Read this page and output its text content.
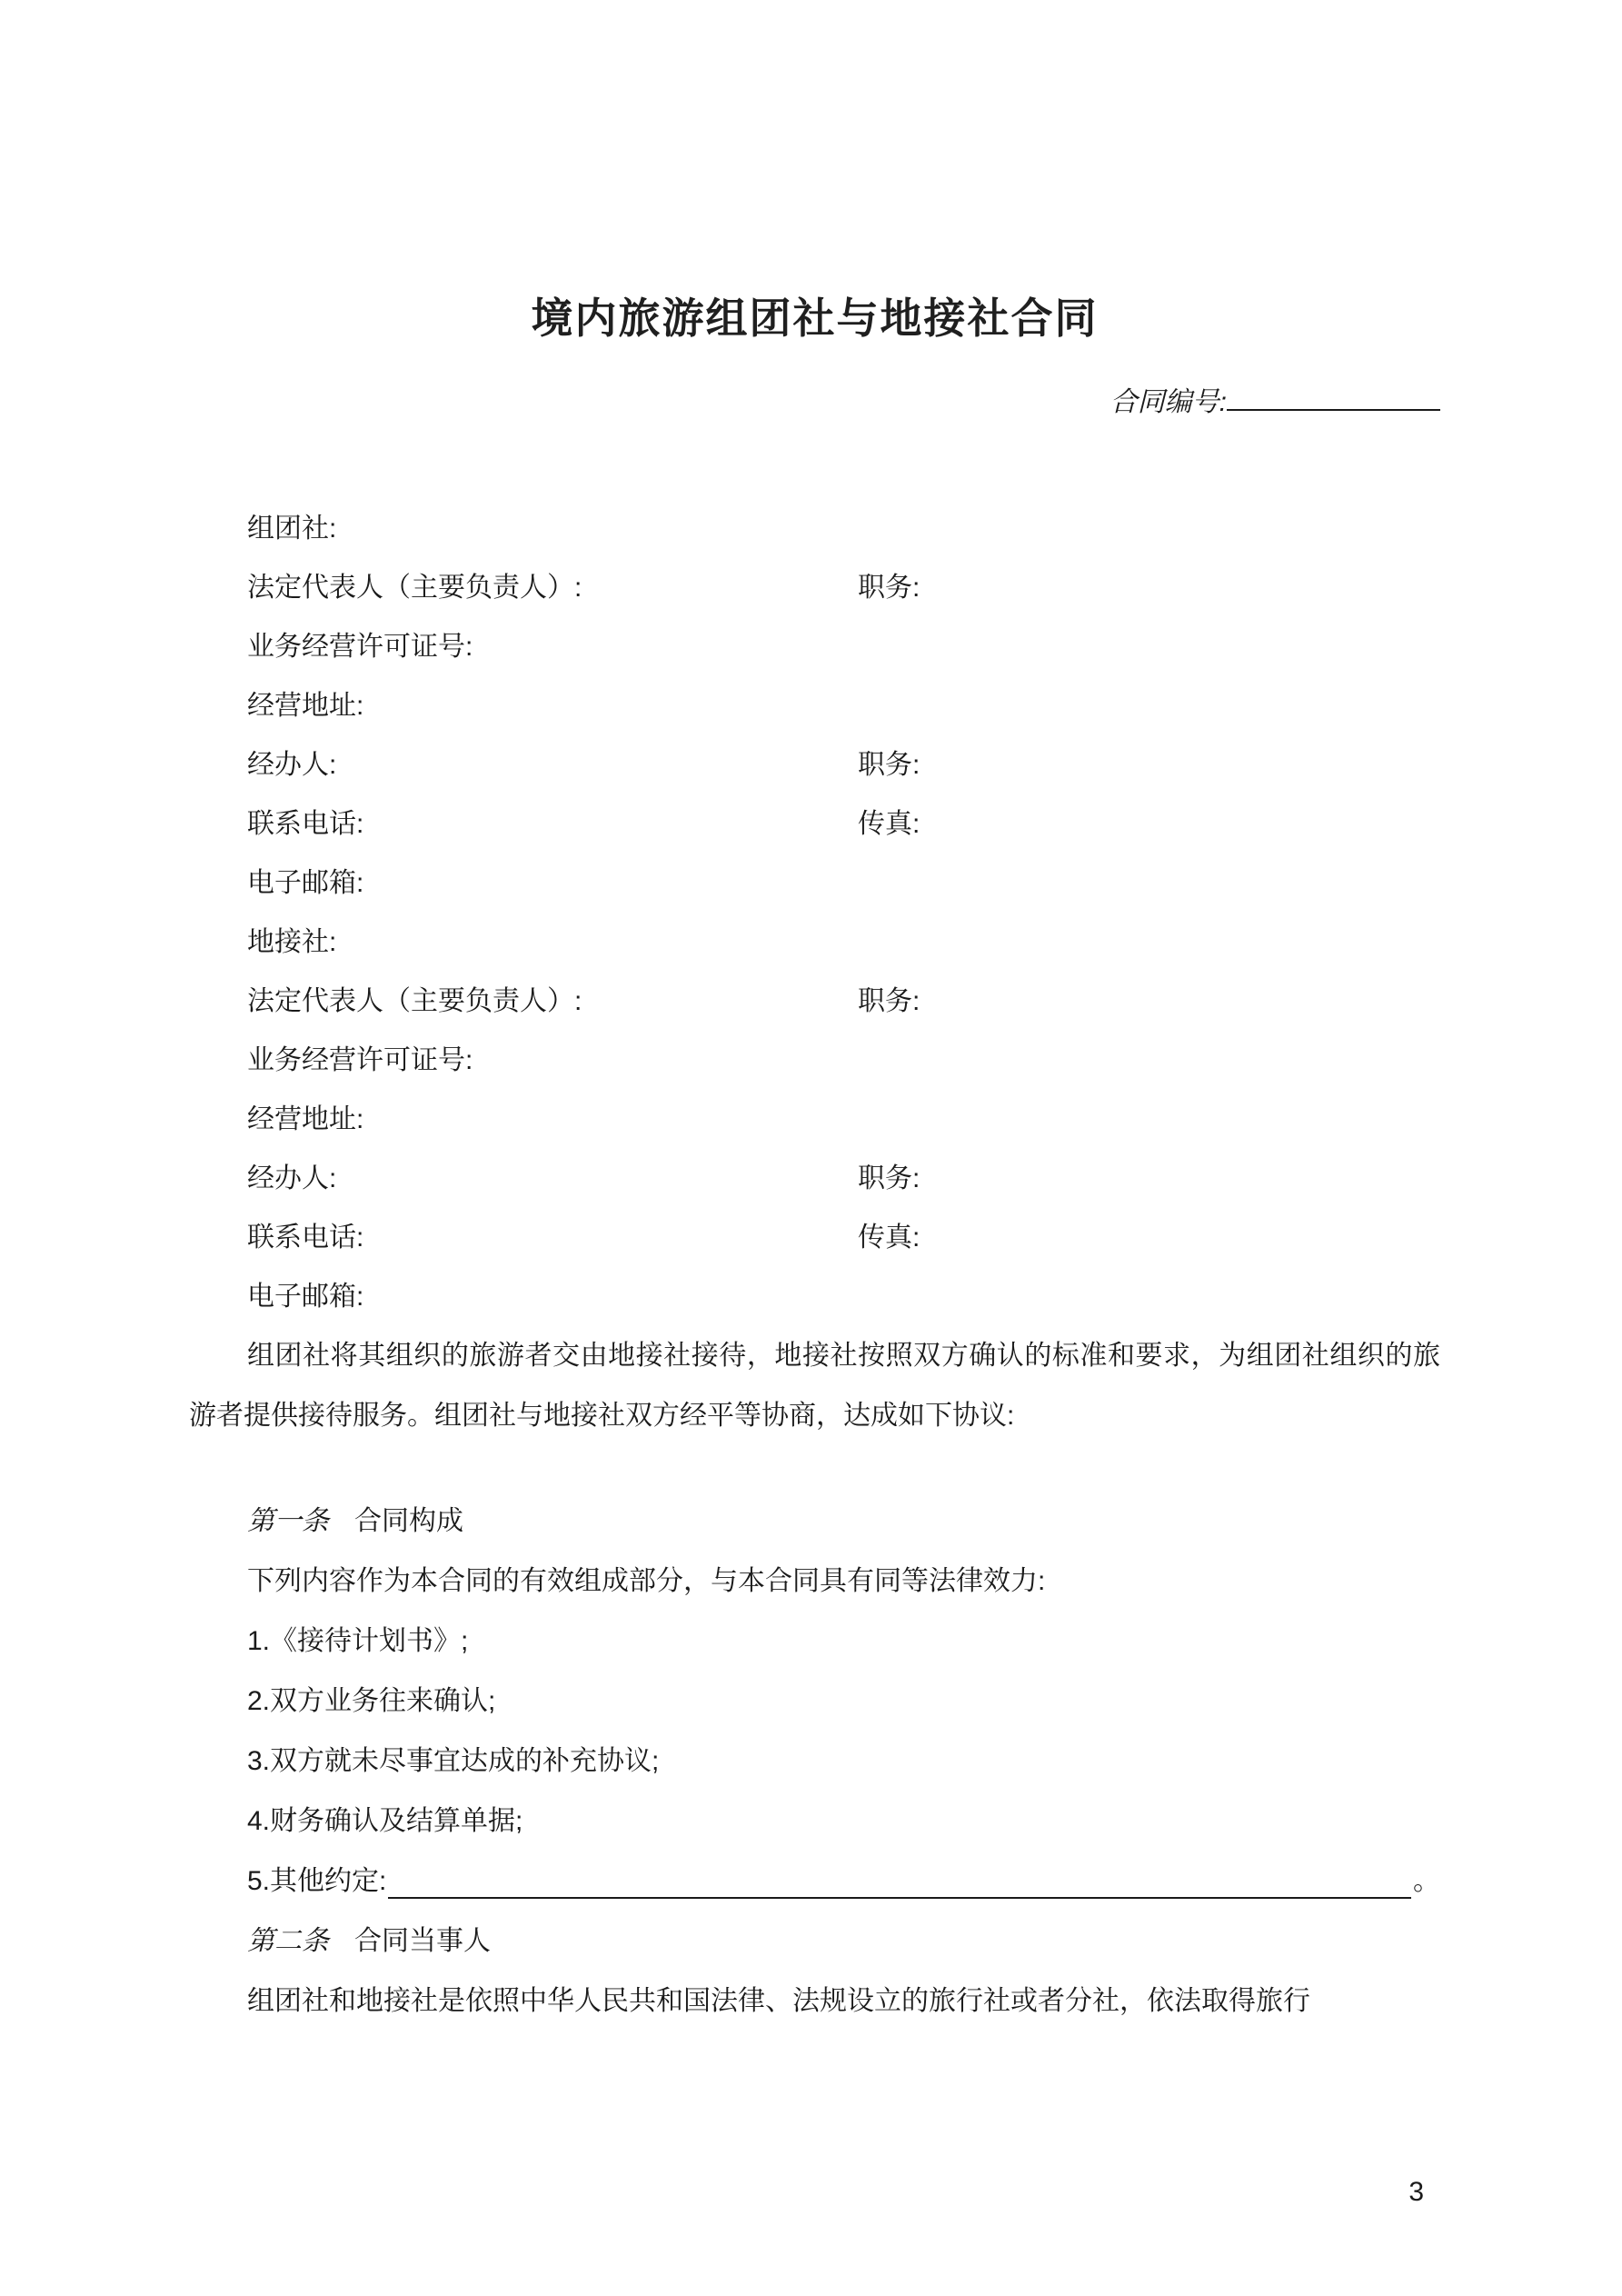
境内旅游组团社与地接社合同
合同编号:
组团社:
法定代表人（主要负责人）:	职务:
业务经营许可证号:
经营地址:
经办人:	职务:
联系电话:	传真:
电子邮箱:
地接社:
法定代表人（主要负责人）:	职务:
业务经营许可证号:
经营地址:
经办人:	职务:
联系电话:	传真:
电子邮箱:

组团社将其组织的旅游者交由地接社接待，地接社按照双方确认的标准和要求，为组团社组织的旅游者提供接待服务。组团社与地接社双方经平等协商，达成如下协议:

第一条 合同构成
下列内容作为本合同的有效组成部分，与本合同具有同等法律效力:
1.《接待计划书》;
2.双方业务往来确认;
3.双方就未尽事宜达成的补充协议;
4.财务确认及结算单据;
5.其他约定:	。
第二条 合同当事人

组团社和地接社是依照中华人民共和国法律、法规设立的旅行社或者分社，依法取得旅行

3
